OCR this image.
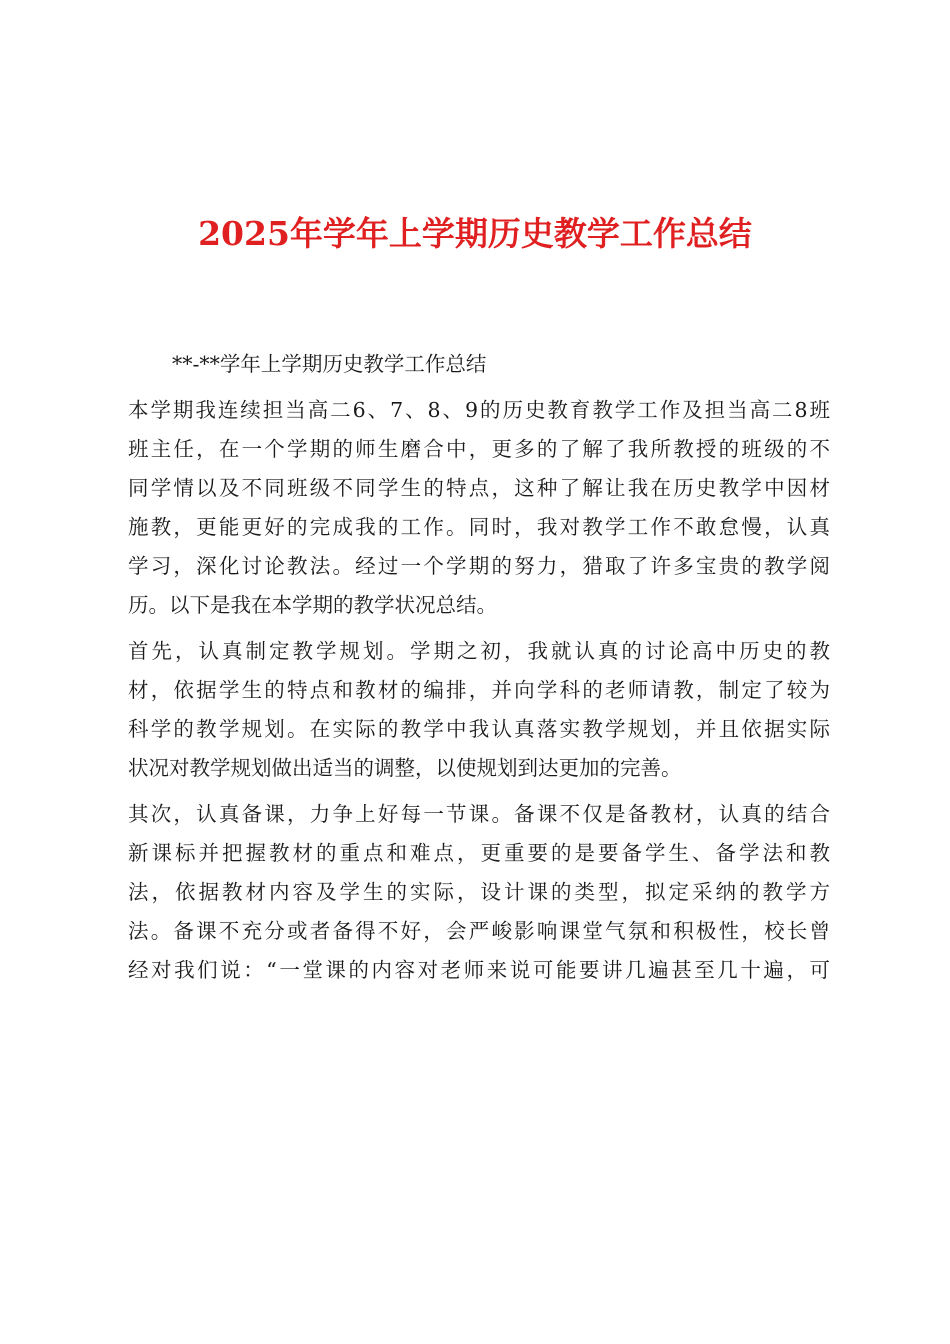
2025年学年上学期历史教学工作总结
**-**学年上学期历史教学工作总结
本学期我连续担当高二6、7、8、9的历史教育教学工作及担当高二8班
班主任，在一个学期的师生磨合中，更多的了解了我所教授的班级的不
同学情以及不同班级不同学生的特点，这种了解让我在历史教学中因材
施教，更能更好的完成我的工作。同时，我对教学工作不敢怠慢，认真
学习，深化讨论教法。经过一个学期的努力，猎取了许多宝贵的教学阅
历。以下是我在本学期的教学状况总结。
首先，认真制定教学规划。学期之初，我就认真的讨论高中历史的教
材，依据学生的特点和教材的编排，并向学科的老师请教，制定了较为
科学的教学规划。在实际的教学中我认真落实教学规划，并且依据实际
状况对教学规划做出适当的调整，以使规划到达更加的完善。
其次，认真备课，力争上好每一节课。备课不仅是备教材，认真的结合
新课标并把握教材的重点和难点，更重要的是要备学生、备学法和教
法，依据教材内容及学生的实际，设计课的类型，拟定采纳的教学方
法。备课不充分或者备得不好，会严峻影响课堂气氛和积极性，校长曾
经对我们说：“一堂课的内容对老师来说可能要讲几遍甚至几十遍，可
